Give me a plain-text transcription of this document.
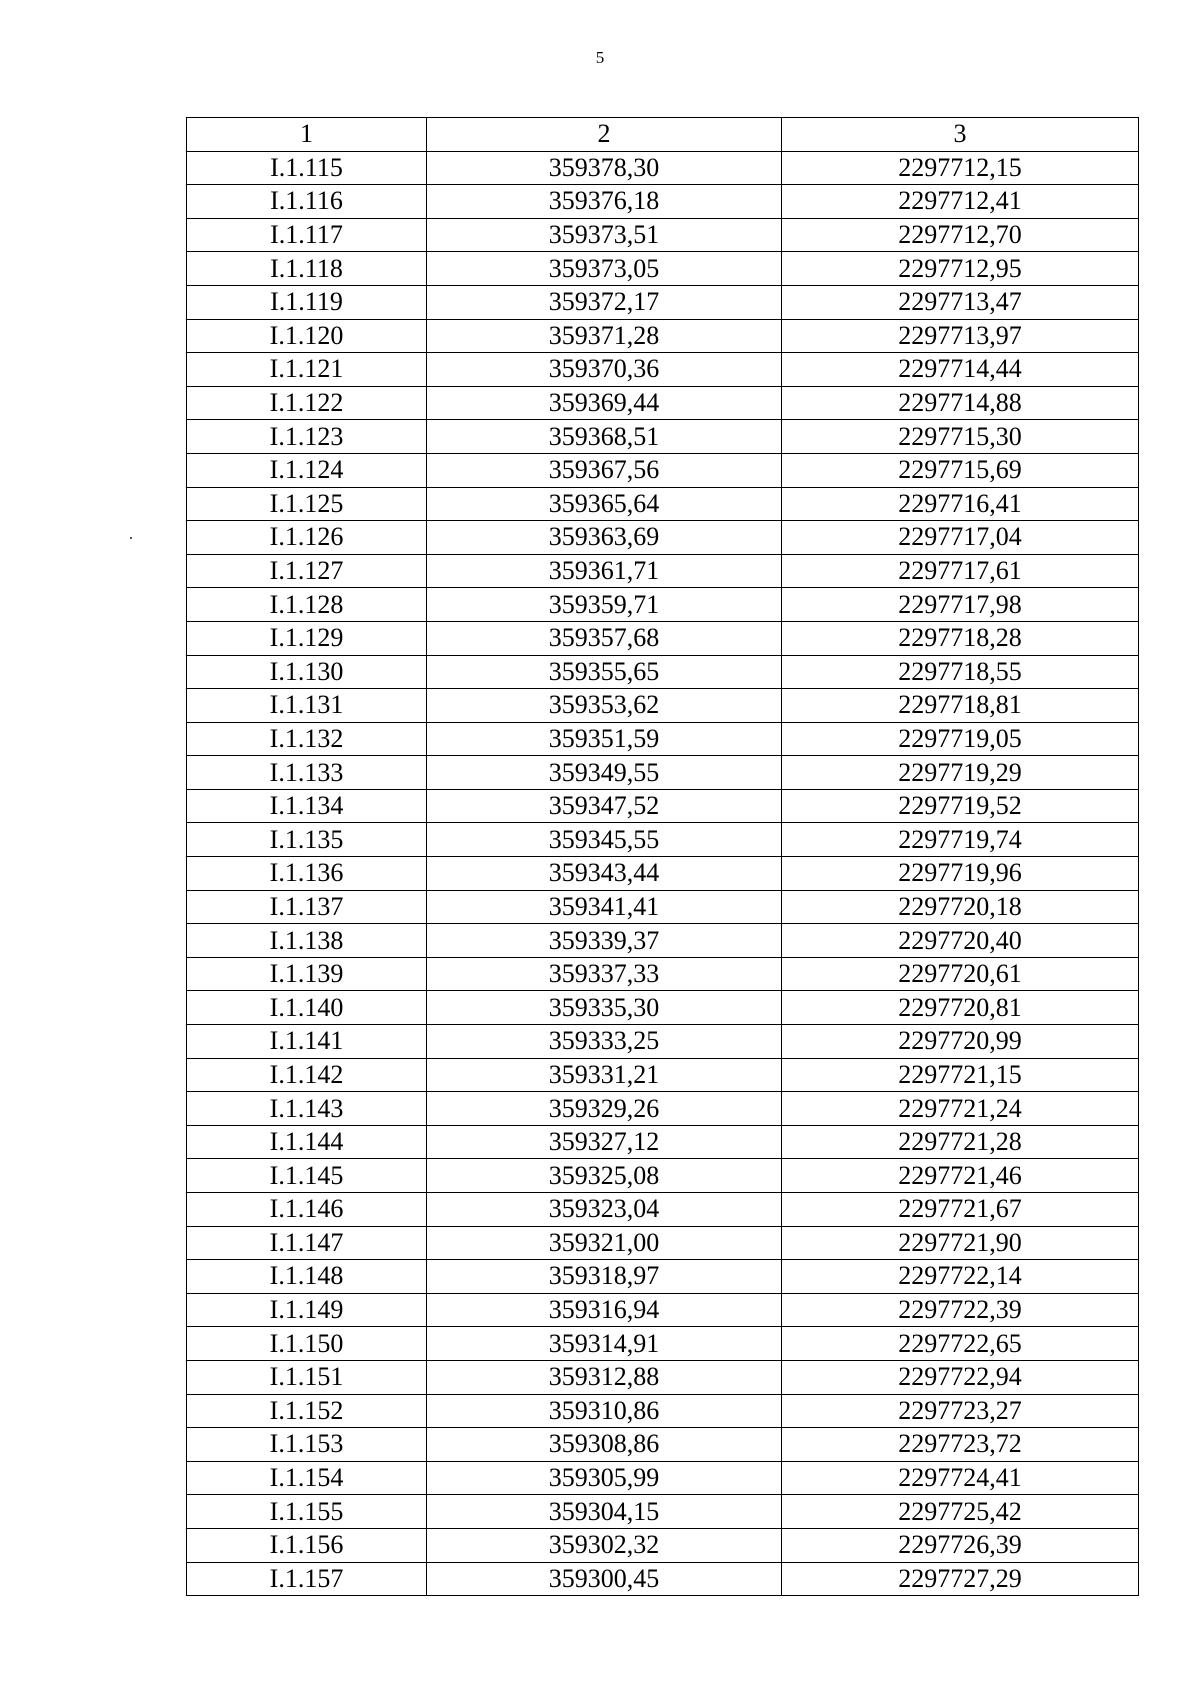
5
1	2	3
I.1.115	359378,30	2297712,15
I.1.116	359376,18	2297712,41
I.1.117	359373,51	2297712,70
I.1.118	359373,05	2297712,95
I.1.119	359372,17	2297713,47
I.1.120	359371,28	2297713,97
I.1.121	359370,36	2297714,44
I.1.122	359369,44	2297714,88
I.1.123	359368,51	2297715,30
I.1.124	359367,56	2297715,69
I.1.125	359365,64	2297716,41
I.1.126	359363,69	2297717,04
I.1.127	359361,71	2297717,61
I.1.128	359359,71	2297717,98
I.1.129	359357,68	2297718,28
I.1.130	359355,65	2297718,55
I.1.131	359353,62	2297718,81
I.1.132	359351,59	2297719,05
I.1.133	359349,55	2297719,29
I.1.134	359347,52	2297719,52
I.1.135	359345,55	2297719,74
I.1.136	359343,44	2297719,96
I.1.137	359341,41	2297720,18
I.1.138	359339,37	2297720,40
I.1.139	359337,33	2297720,61
I.1.140	359335,30	2297720,81
I.1.141	359333,25	2297720,99
I.1.142	359331,21	2297721,15
I.1.143	359329,26	2297721,24
I.1.144	359327,12	2297721,28
I.1.145	359325,08	2297721,46
I.1.146	359323,04	2297721,67
I.1.147	359321,00	2297721,90
I.1.148	359318,97	2297722,14
I.1.149	359316,94	2297722,39
I.1.150	359314,91	2297722,65
I.1.151	359312,88	2297722,94
I.1.152	359310,86	2297723,27
I.1.153	359308,86	2297723,72
I.1.154	359305,99	2297724,41
I.1.155	359304,15	2297725,42
I.1.156	359302,32	2297726,39
I.1.157	359300,45	2297727,29
